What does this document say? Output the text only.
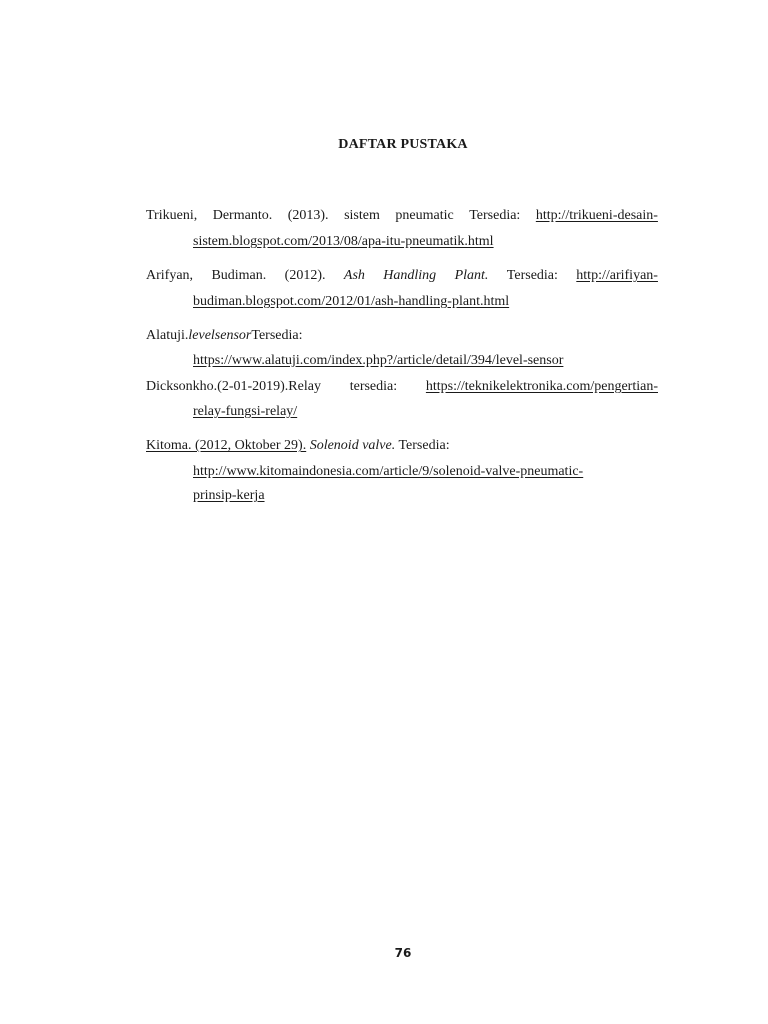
DAFTAR PUSTAKA
Trikueni, Dermanto. (2013). sistem pneumatic Tersedia: http://trikueni-desain-
sistem.blogspot.com/2013/08/apa-itu-pneumatik.html
Arifyan, Budiman. (2012). Ash Handling Plant. Tersedia: http://arifiyan-
budiman.blogspot.com/2012/01/ash-handling-plant.html
Alatuji.levelsensorTersedia:
https://www.alatuji.com/index.php?/article/detail/394/level-sensor
Dicksonkho.(2-01-2019).Relay tersedia: https://teknikelektronika.com/pengertian-
relay-fungsi-relay/
Kitoma. (2012, Oktober 29). Solenoid valve. Tersedia:
http://www.kitomaindonesia.com/article/9/solenoid-valve-pneumatic-
prinsip-kerja
76
